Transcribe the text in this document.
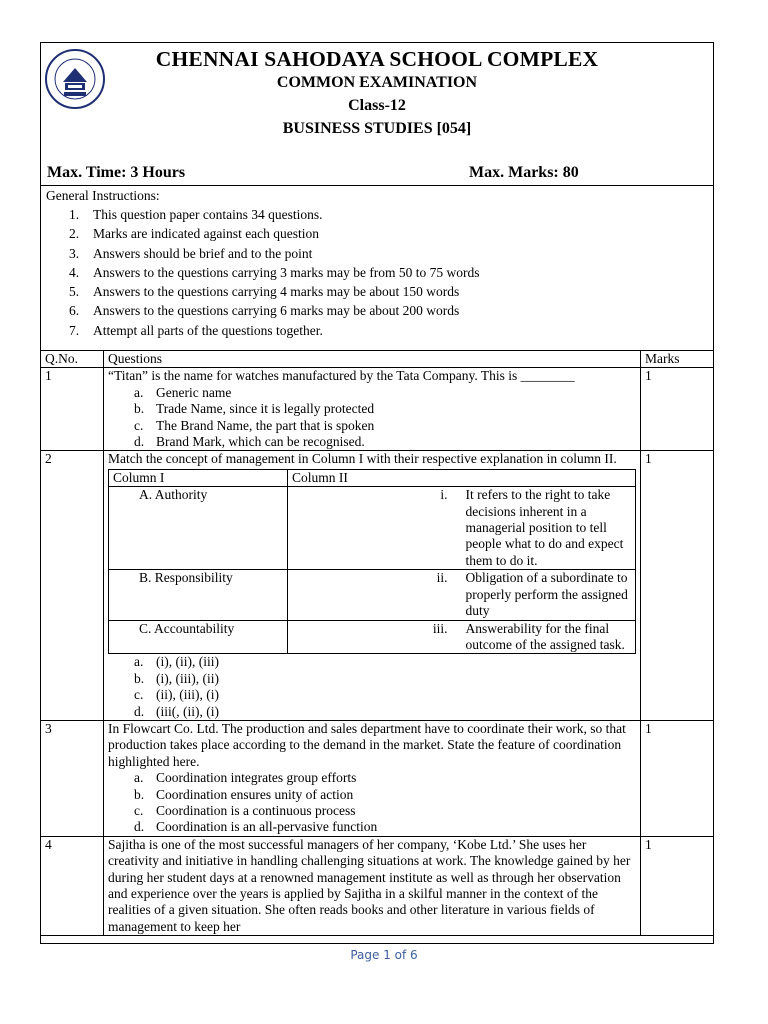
CHENNAI SAHODAYA SCHOOL COMPLEX
COMMON EXAMINATION
Class-12
BUSINESS STUDIES [054]
Max. Time: 3 Hours	Max. Marks: 80
General Instructions:
1.	This question paper contains 34 questions.
2.	Marks are indicated against each question
3.	Answers should be brief and to the point
4.	Answers to the questions carrying 3 marks may be from 50 to 75 words
5.	Answers to the questions carrying 4 marks may be about 150 words
6.	Answers to the questions carrying 6 marks may be about 200 words
7.	Attempt all parts of the questions together.
Q.No.	Questions	Marks
1	“Titan” is the name for watches manufactured by the Tata Company. This is ________
a. Generic name
b. Trade Name, since it is legally protected
c. The Brand Name, the part that is spoken
d. Brand Mark, which can be recognised.
	1
2	Match the concept of management in Column I with their respective explanation in column II.
Column I	Column II
A. Authority	i.	It refers to the right to take decisions inherent in a managerial position to tell people what to do and expect them to do it.
B. Responsibility	ii.	Obligation of a subordinate to properly perform the assigned duty
C. Accountability	iii.	Answerability for the final outcome of the assigned task.
a. (i), (ii), (iii)
b. (i), (iii), (ii)
c. (ii), (iii), (i)
d. (iii(, (ii), (i)
	1
3	In Flowcart Co. Ltd. The production and sales department have to coordinate their work, so that production takes place according to the demand in the market. State the feature of coordination highlighted here.
a. Coordination integrates group efforts
b. Coordination ensures unity of action
c. Coordination is a continuous process
d. Coordination is an all-pervasive function
	1
4	Sajitha is one of the most successful managers of her company, ‘Kobe Ltd.’ She uses her creativity and initiative in handling challenging situations at work. The knowledge gained by her during her student days at a renowned management institute as well as through her observation and experience over the years is applied by Sajitha in a skilful manner in the context of the realities of a given situation. She often reads books and other literature in various fields of management to keep her
	1
Page 1 of 6
